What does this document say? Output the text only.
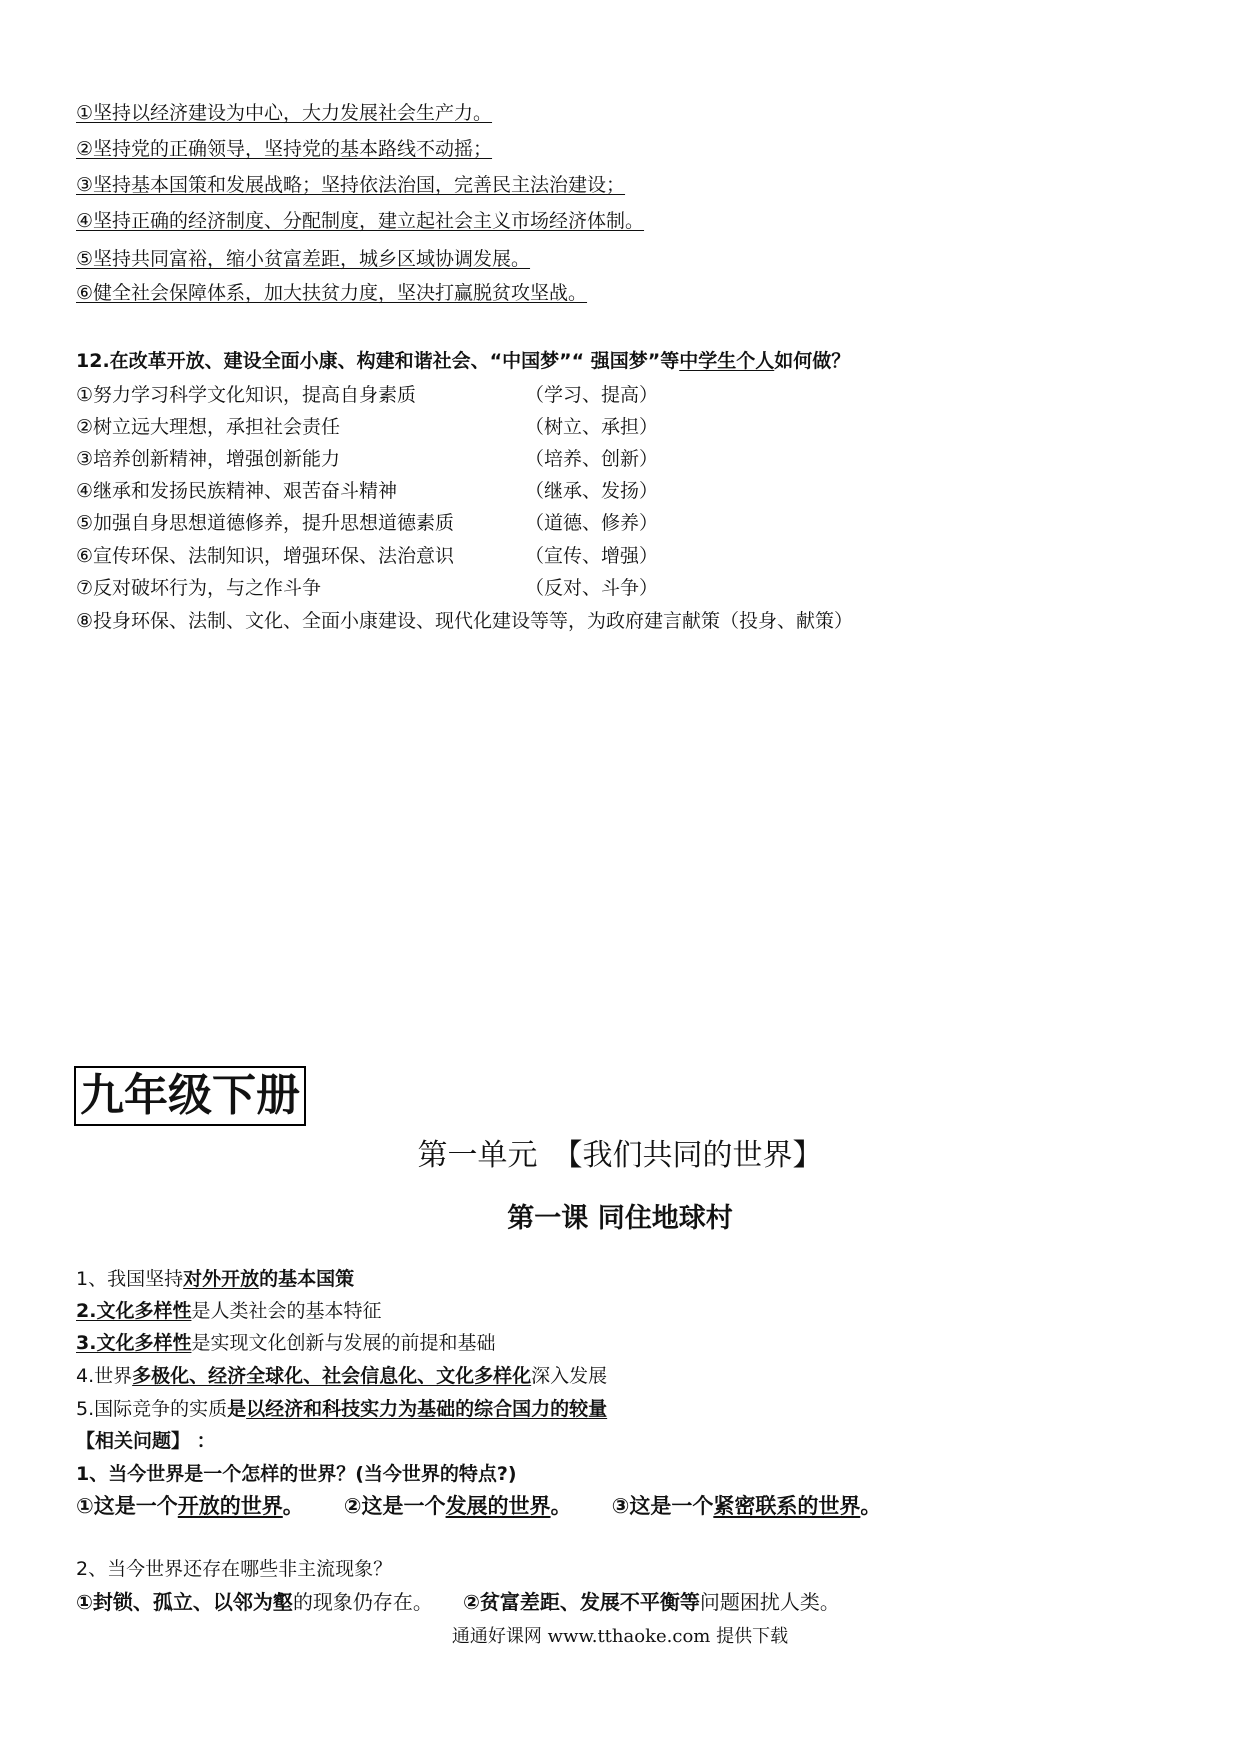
①坚持以经济建设为中心，大力发展社会生产力。
②坚持党的正确领导，坚持党的基本路线不动摇；
③坚持基本国策和发展战略；坚持依法治国，完善民主法治建设；
④坚持正确的经济制度、分配制度，建立起社会主义市场经济体制。
⑤坚持共同富裕，缩小贫富差距，城乡区域协调发展。
⑥健全社会保障体系，加大扶贫力度，坚决打赢脱贫攻坚战。
12.在改革开放、建设全面小康、构建和谐社会、“中国梦”“ 强国梦”等中学生个人如何做？
①努力学习科学文化知识，提高自身素质	（学习、提高）
②树立远大理想，承担社会责任	（树立、承担）
③培养创新精神，增强创新能力	（培养、创新）
④继承和发扬民族精神、艰苦奋斗精神	（继承、发扬）
⑤加强自身思想道德修养，提升思想道德素质	（道德、修养）
⑥宣传环保、法制知识，增强环保、法治意识	（宣传、增强）
⑦反对破坏行为，与之作斗争	（反对、斗争）
⑧投身环保、法制、文化、全面小康建设、现代化建设等等，为政府建言献策（投身、献策）
九年级下册
第一单元　【我们共同的世界】
第一课 同住地球村
1、我国坚持对外开放的基本国策
2.文化多样性是人类社会的基本特征
3.文化多样性是实现文化创新与发展的前提和基础
4.世界多极化、经济全球化、社会信息化、文化多样化深入发展
5.国际竞争的实质是以经济和科技实力为基础的综合国力的较量
【相关问题】 ：
1、当今世界是一个怎样的世界？(当今世界的特点?)
①这是一个开放的世界。 ②这是一个发展的世界。 ③这是一个紧密联系的世界。
2、当今世界还存在哪些非主流现象？
①封锁、孤立、以邻为壑的现象仍存在。 ②贫富差距、发展不平衡等问题困扰人类。
通通好课网 www.tthaoke.com 提供下载
